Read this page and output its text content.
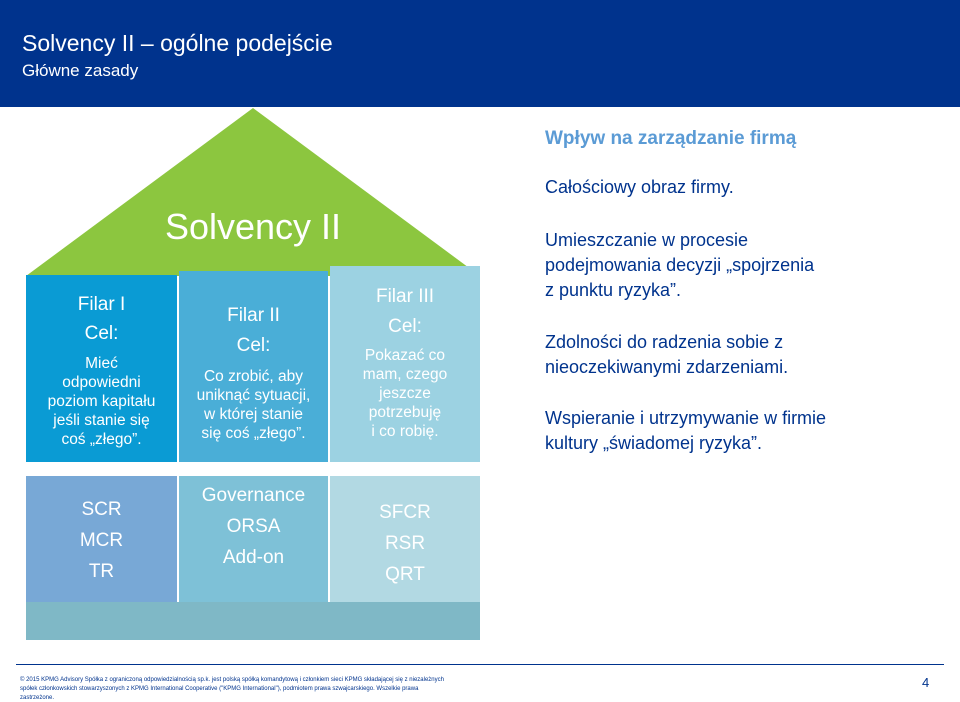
Solvency II – ogólne podejście
Główne zasady
Solvency II
Filar I
Cel:
Mieć
odpowiedni
poziom kapitału
jeśli stanie się
coś „złego”.
Filar II
Cel:
Co zrobić, aby
uniknąć sytuacji,
w której stanie
się coś „złego”.
Filar III
Cel:
Pokazać co
mam, czego
jeszcze
potrzebuję
i co robię.
SCR
MCR
TR
Governance
ORSA
Add-on
SFCR
RSR
QRT
Wpływ na zarządzanie firmą
Całościowy obraz firmy.
Umieszczanie w procesie
podejmowania decyzji „spojrzenia
z punktu ryzyka”.
Zdolności do radzenia sobie z
nieoczekiwanymi zdarzeniami.
Wspieranie i utrzymywanie w firmie
kultury „świadomej ryzyka”.
© 2015 KPMG Advisory Spółka z ograniczoną odpowiedzialnością sp.k. jest polską spółką komandytową i członkiem sieci KPMG składającej się z niezależnych
spółek członkowskich stowarzyszonych z KPMG International Cooperative ("KPMG International"), podmiotem prawa szwajcarskiego. Wszelkie prawa
zastrzeżone.
4
